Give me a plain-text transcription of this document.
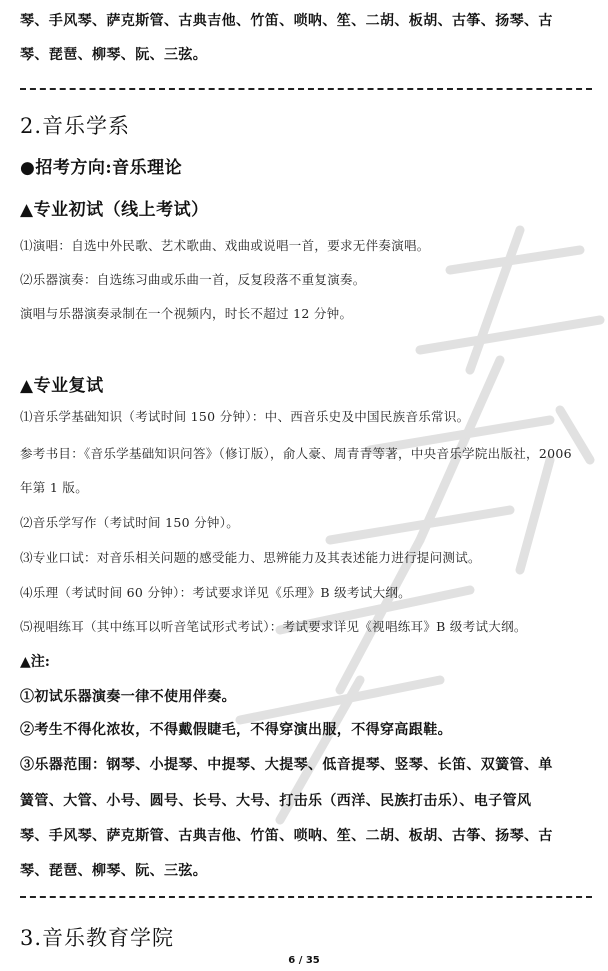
琴、手风琴、萨克斯管、古典吉他、竹笛、唢呐、笙、二胡、板胡、古筝、扬琴、古
琴、琵琶、柳琴、阮、三弦。
2.音乐学系
●招考方向:音乐理论
▲专业初试（线上考试）
⑴演唱：自选中外民歌、艺术歌曲、戏曲或说唱一首，要求无伴奏演唱。
⑵乐器演奏：自选练习曲或乐曲一首，反复段落不重复演奏。
演唱与乐器演奏录制在一个视频内，时长不超过 12 分钟。
▲专业复试
⑴音乐学基础知识（考试时间 150 分钟）：中、西音乐史及中国民族音乐常识。
参考书目：《音乐学基础知识问答》（修订版），俞人豪、周青青等著，中央音乐学院出版社，2006
年第 1 版。
⑵音乐学写作（考试时间 150 分钟）。
⑶专业口试：对音乐相关问题的感受能力、思辨能力及其表述能力进行提问测试。
⑷乐理（考试时间 60 分钟）：考试要求详见《乐理》B 级考试大纲。
⑸视唱练耳（其中练耳以听音笔试形式考试）：考试要求详见《视唱练耳》B 级考试大纲。
▲注:
①初试乐器演奏一律不使用伴奏。
②考生不得化浓妆，不得戴假睫毛，不得穿演出服，不得穿高跟鞋。
③乐器范围：钢琴、小提琴、中提琴、大提琴、低音提琴、竖琴、长笛、双簧管、单
簧管、大管、小号、圆号、长号、大号、打击乐（西洋、民族打击乐）、电子管风
琴、手风琴、萨克斯管、古典吉他、竹笛、唢呐、笙、二胡、板胡、古筝、扬琴、古
琴、琵琶、柳琴、阮、三弦。
3.音乐教育学院
6 / 35
